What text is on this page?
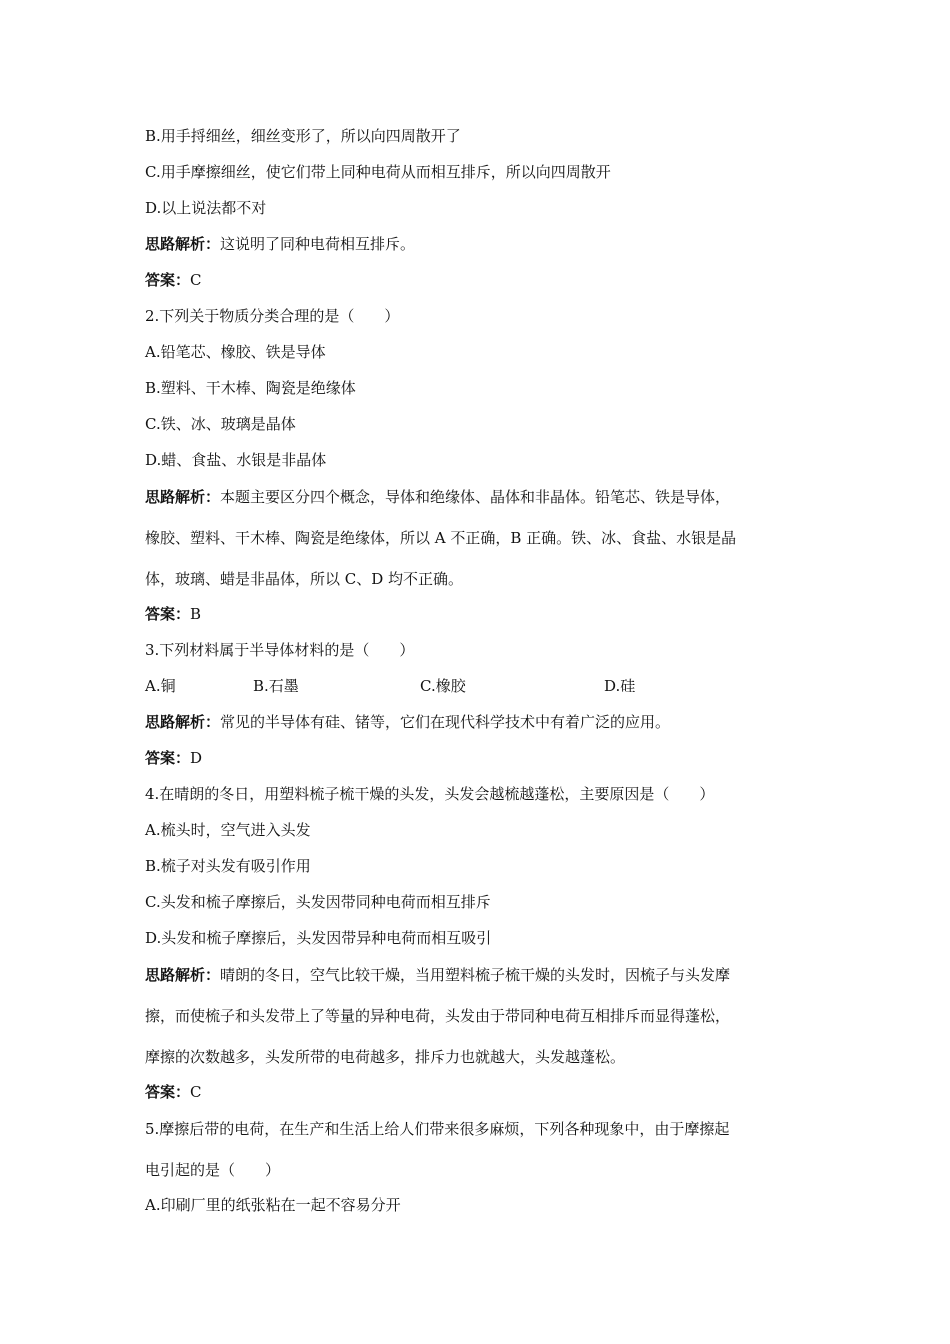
B.用手捋细丝，细丝变形了，所以向四周散开了
C.用手摩擦细丝，使它们带上同种电荷从而相互排斥，所以向四周散开
D.以上说法都不对
思路解析：这说明了同种电荷相互排斥。
答案：C
2.下列关于物质分类合理的是（　　）
A.铅笔芯、橡胶、铁是导体
B.塑料、干木棒、陶瓷是绝缘体
C.铁、冰、玻璃是晶体
D.蜡、食盐、水银是非晶体
思路解析：本题主要区分四个概念，导体和绝缘体、晶体和非晶体。铅笔芯、铁是导体，
橡胶、塑料、干木棒、陶瓷是绝缘体，所以 A 不正确，B 正确。铁、冰、食盐、水银是晶
体，玻璃、蜡是非晶体，所以 C、D 均不正确。
答案：B
3.下列材料属于半导体材料的是（　　）
A.铜	B.石墨	C.橡胶	D.硅
思路解析：常见的半导体有硅、锗等，它们在现代科学技术中有着广泛的应用。
答案：D
4.在晴朗的冬日，用塑料梳子梳干燥的头发，头发会越梳越蓬松，主要原因是（　　）
A.梳头时，空气进入头发
B.梳子对头发有吸引作用
C.头发和梳子摩擦后，头发因带同种电荷而相互排斥
D.头发和梳子摩擦后，头发因带异种电荷而相互吸引
思路解析：晴朗的冬日，空气比较干燥，当用塑料梳子梳干燥的头发时，因梳子与头发摩
擦，而使梳子和头发带上了等量的异种电荷，头发由于带同种电荷互相排斥而显得蓬松，
摩擦的次数越多，头发所带的电荷越多，排斥力也就越大，头发越蓬松。
答案：C
5.摩擦后带的电荷，在生产和生活上给人们带来很多麻烦，下列各种现象中，由于摩擦起
电引起的是（　　）
A.印刷厂里的纸张粘在一起不容易分开
